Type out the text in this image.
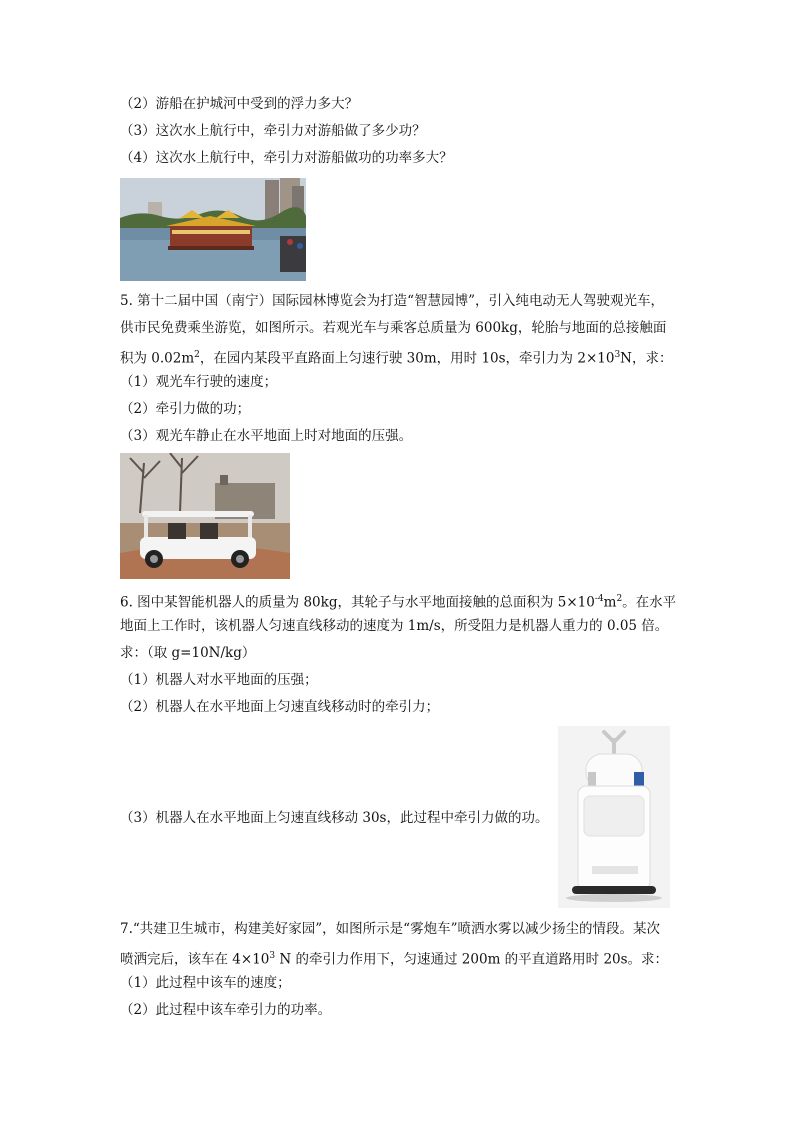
（2）游船在护城河中受到的浮力多大？
（3）这次水上航行中，牵引力对游船做了多少功？
（4）这次水上航行中，牵引力对游船做功的功率多大？
5. 第十二届中国（南宁）国际园林博览会为打造“智慧园博”，引入纯电动无人驾驶观光车，
供市民免费乘坐游览，如图所示。若观光车与乘客总质量为 600kg，轮胎与地面的总接触面
积为 $0.02m^2$，在园内某段平直路面上匀速行驶 30m，用时 10s，牵引力为 $2\times 10^3N$，求：
（1）观光车行驶的速度；
（2）牵引力做的功；
（3）观光车静止在水平地面上时对地面的压强。
6. 图中某智能机器人的质量为 80kg，其轮子与水平地面接触的总面积为 $5\times 10^{-4}m^2$。在水平
地面上工作时，该机器人匀速直线移动的速度为 1m/s，所受阻力是机器人重力的 0.05 倍。
求：（取 g=10N/kg）
（1）机器人对水平地面的压强；
（2）机器人在水平地面上匀速直线移动时的牵引力；
（3）机器人在水平地面上匀速直线移动 30s，此过程中牵引力做的功。
7.“共建卫生城市，构建美好家园”，如图所示是“雾炮车”喷洒水雾以减少扬尘的情段。某次
喷洒完后，该车在 $4\times 10^3$ N 的牵引力作用下，匀速通过 200m 的平直道路用时 20s。求：
（1）此过程中该车的速度；
（2）此过程中该车牵引力的功率。
